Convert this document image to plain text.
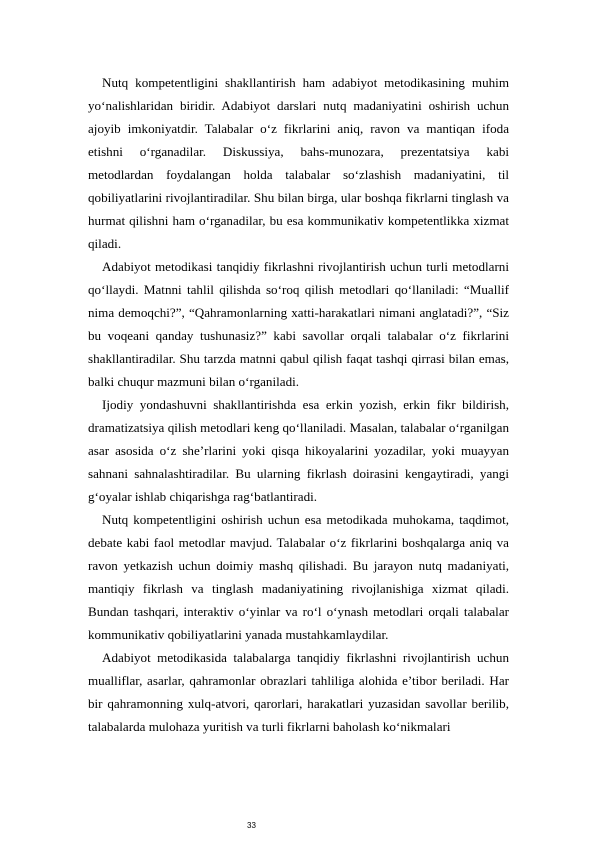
Nutq kompetentligini shakllantirish ham adabiyot metodikasining muhim yo‘nalishlaridan biridir. Adabiyot darslari nutq madaniyatini oshirish uchun ajoyib imkoniyatdir. Talabalar o‘z fikrlarini aniq, ravon va mantiqan ifoda etishni o‘rganadilar. Diskussiya, bahs-munozara, prezentatsiya kabi metodlardan foydalangan holda talabalar so‘zlashish madaniyatini, til qobiliyatlarini rivojlantiradilar. Shu bilan birga, ular boshqa fikrlarni tinglash va hurmat qilishni ham o‘rganadilar, bu esa kommunikativ kompetentlikka xizmat qiladi.

Adabiyot metodikasi tanqidiy fikrlashni rivojlantirish uchun turli metodlarni qo‘llaydi. Matnni tahlil qilishda so‘roq qilish metodlari qo‘llaniladi: “Muallif nima demoqchi?”, “Qahramonlarning xatti-harakatlari nimani anglatadi?”, “Siz bu voqeani qanday tushunasiz?” kabi savollar orqali talabalar o‘z fikrlarini shakllantiradilar. Shu tarzda matnni qabul qilish faqat tashqi qirrasi bilan emas, balki chuqur mazmuni bilan o‘rganiladi.

Ijodiy yondashuvni shakllantirishda esa erkin yozish, erkin fikr bildirish, dramatizatsiya qilish metodlari keng qo‘llaniladi. Masalan, talabalar o‘rganilgan asar asosida o‘z she’rlarini yoki qisqa hikoyalarini yozadilar, yoki muayyan sahnani sahnalashtiradilar. Bu ularning fikrlash doirasini kengaytiradi, yangi g‘oyalar ishlab chiqarishga rag‘batlantiradi.

Nutq kompetentligini oshirish uchun esa metodikada muhokama, taqdimot, debate kabi faol metodlar mavjud. Talabalar o‘z fikrlarini boshqalarga aniq va ravon yetkazish uchun doimiy mashq qilishadi. Bu jarayon nutq madaniyati, mantiqiy fikrlash va tinglash madaniyatining rivojlanishiga xizmat qiladi. Bundan tashqari, interaktiv o‘yinlar va ro‘l o‘ynash metodlari orqali talabalar kommunikativ qobiliyatlarini yanada mustahkamlaydilar.

Adabiyot metodikasida talabalarga tanqidiy fikrlashni rivojlantirish uchun mualliflar, asarlar, qahramonlar obrazlari tahliliga alohida e’tibor beriladi. Har bir qahramonning xulq-atvori, qarorlari, harakatlari yuzasidan savollar berilib, talabalarda mulohaza yuritish va turli fikrlarni baholash ko‘nikmalari

33
